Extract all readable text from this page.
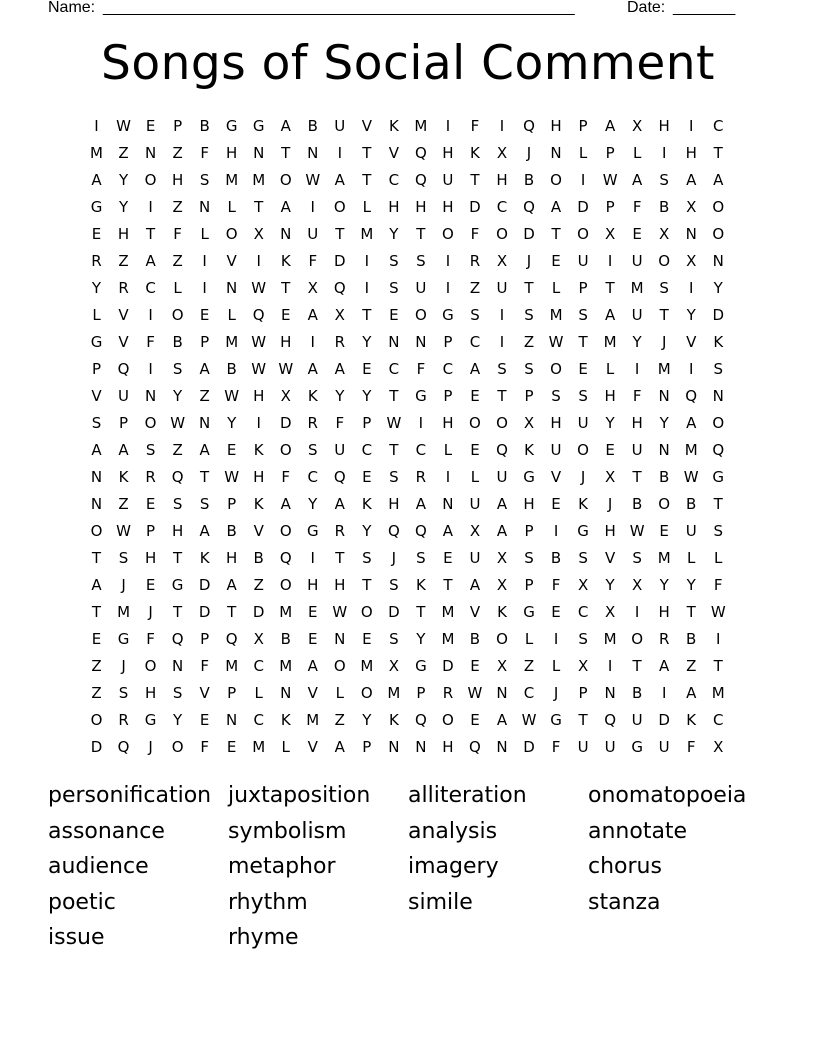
Name: _____________________________________________________	Date: _______
Songs of Social Comment
I	W E	P	B	G	G	A	B	U	V	K	M	I	F	I	Q	H	P	A	X	H	I	C
M	Z	N	Z	F	H	N	T	N	I	T	V	Q	H	K	X	J	N	L	P	L	I	H	T
A	Y	O	H	S	M M O W A	T	C	Q	U	T	H	B	O	I	W A	S	A	A
G	Y	I	Z	N	L	T	A	I	O	L	H	H	H	D	C	Q	A	D	P	F	B	X	O
E	H	T	F	L	O	X	N	U	T	M	Y	T	O	F	O	D	T	O	X	E	X	N	O
R	Z	A	Z	I	V	I	K	F	D	I	S	S	I	R	X	J	E	U	I	U	O	X	N
Y	R	C	L	I	N W	T	X	Q	I	S	U	I	Z	U	T	L	P	T	M	S	I	Y
L	V	I	O	E	L	Q	E	A	X	T	E	O	G	S	I	S	M	S	A	U	T	Y	D
G	V	F	B	P	M W H	I	R	Y	N	N	P	C	I	Z W	T	M	Y	J	V	K
P	Q	I	S	A	B W W A	A	E	C	F	C	A	S	S	O	E	L	I	M	I	S
V	U	N	Y	Z W H	X	K	Y	Y	T	G	P	E	T	P	S	S	H	F	N	Q	N
S	P	O W N	Y	I	D	R	F	P	W	I	H	O	O	X	H	U	Y	H	Y	A	O
A	A	S	Z	A	E	K	O	S	U	C	T	C	L	E	Q	K	U	O	E	U	N M Q
N	K	R	Q	T	W H	F	C	Q	E	S	R	I	L	U	G	V	J	X	T	B W G
N	Z	E	S	S	P	K	A	Y	A	K	H	A	N	U	A	H	E	K	J	B	O	B	T
O W	P	H	A	B	V	O	G	R	Y	Q	Q	A	X	A	P	I	G	H W E	U	S
T	S	H	T	K	H	B	Q	I	T	S	J	S	E	U	X	S	B	S	V	S	M	L	L
A	J	E	G	D	A	Z	O	H	H	T	S	K	T	A	X	P	F	X	Y	X	Y	Y	F
T	M	J	T	D	T	D M	E W O	D	T	M	V	K	G	E	C	X	I	H	T	W
E	G	F	Q	P	Q	X	B	E	N	E	S	Y	M	B	O	L	I	S	M O	R	B	I
Z	J	O	N	F	M	C	M	A	O M	X	G	D	E	X	Z	L	X	I	T	A	Z	T
Z	S	H	S	V	P	L	N	V	L	O M	P	R W N	C	J	P	N	B	I	A	M
O	R	G	Y	E	N	C	K	M	Z	Y	K	Q	O	E	A W G	T	Q	U	D	K	C
D	Q	J	O	F	E	M	L	V	A	P	N	N	H	Q	N	D	F	U	U	G	U	F	X
personification juxtaposition	alliteration	onomatopoeia
assonance	symbolism	analysis	annotate
audience	metaphor	imagery	chorus
poetic	rhythm	simile	stanza
issue	rhyme
